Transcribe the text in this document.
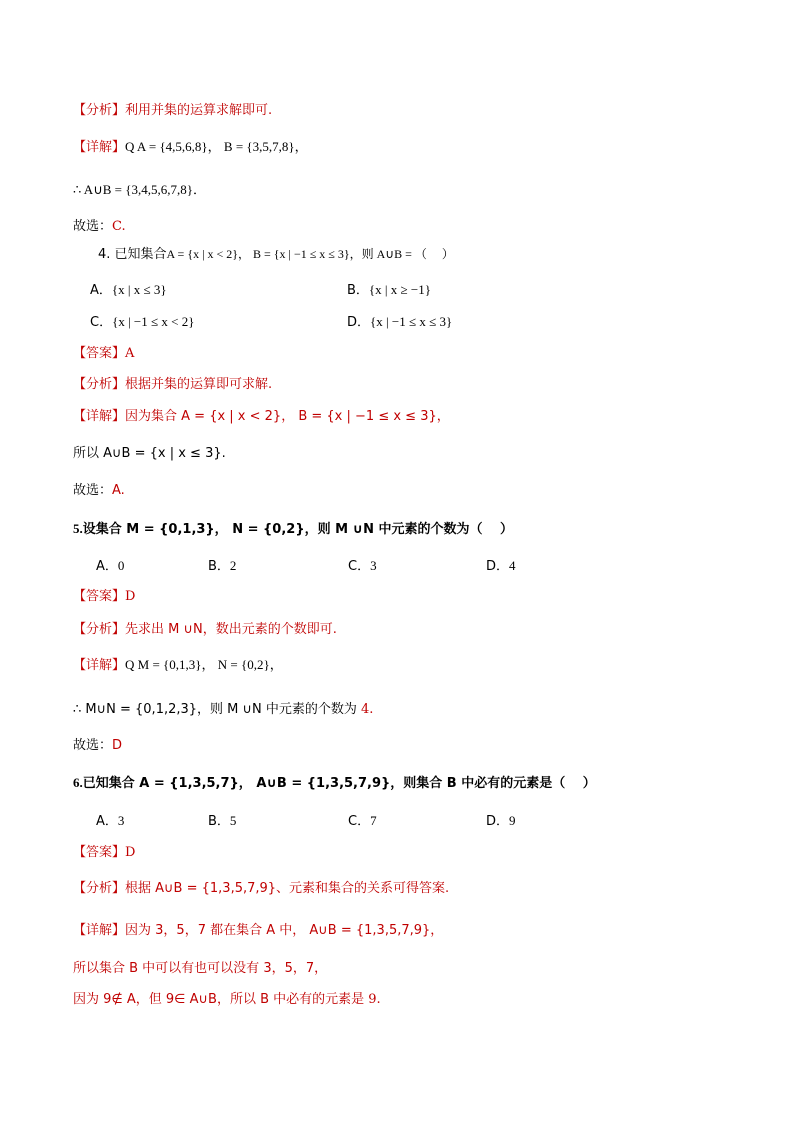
【分析】利用并集的运算求解即可.
【详解】Q A = {4,5,6,8}， B = {3,5,7,8}，
∴ A∪B = {3,4,5,6,7,8}．
故选：C.
4. 已知集合A = {x | x < 2}， B = {x | −1 ≤ x ≤ 3}，则 A∪B = （　 ）
A．{x | x ≤ 3}	B．{x | x ≥ −1}
C．{x | −1 ≤ x < 2}	D．{x | −1 ≤ x ≤ 3}
【答案】A
【分析】根据并集的运算即可求解.
【详解】因为集合 A = {x | x < 2}， B = {x | −1 ≤ x ≤ 3}，
所以 A∪B = {x | x ≤ 3}.
故选：A.
5.设集合 M = {0,1,3}， N = {0,2}，则 M ∪N 中元素的个数为（　 ）
A．0	B．2	C．3	D．4
【答案】D
【分析】先求出 M ∪N，数出元素的个数即可.
【详解】Q M = {0,1,3}， N = {0,2}，
∴ M∪N = {0,1,2,3}，则 M ∪N 中元素的个数为 4.
故选：D
6.已知集合 A = {1,3,5,7}， A∪B = {1,3,5,7,9}，则集合 B 中必有的元素是（　 ）
A．3	B．5	C．7	D．9
【答案】D
【分析】根据 A∪B = {1,3,5,7,9}、元素和集合的关系可得答案.
【详解】因为 3，5，7 都在集合 A 中， A∪B = {1,3,5,7,9}，
所以集合 B 中可以有也可以没有 3，5，7，
因为 9∉ A，但 9∈ A∪B，所以 B 中必有的元素是 9.
